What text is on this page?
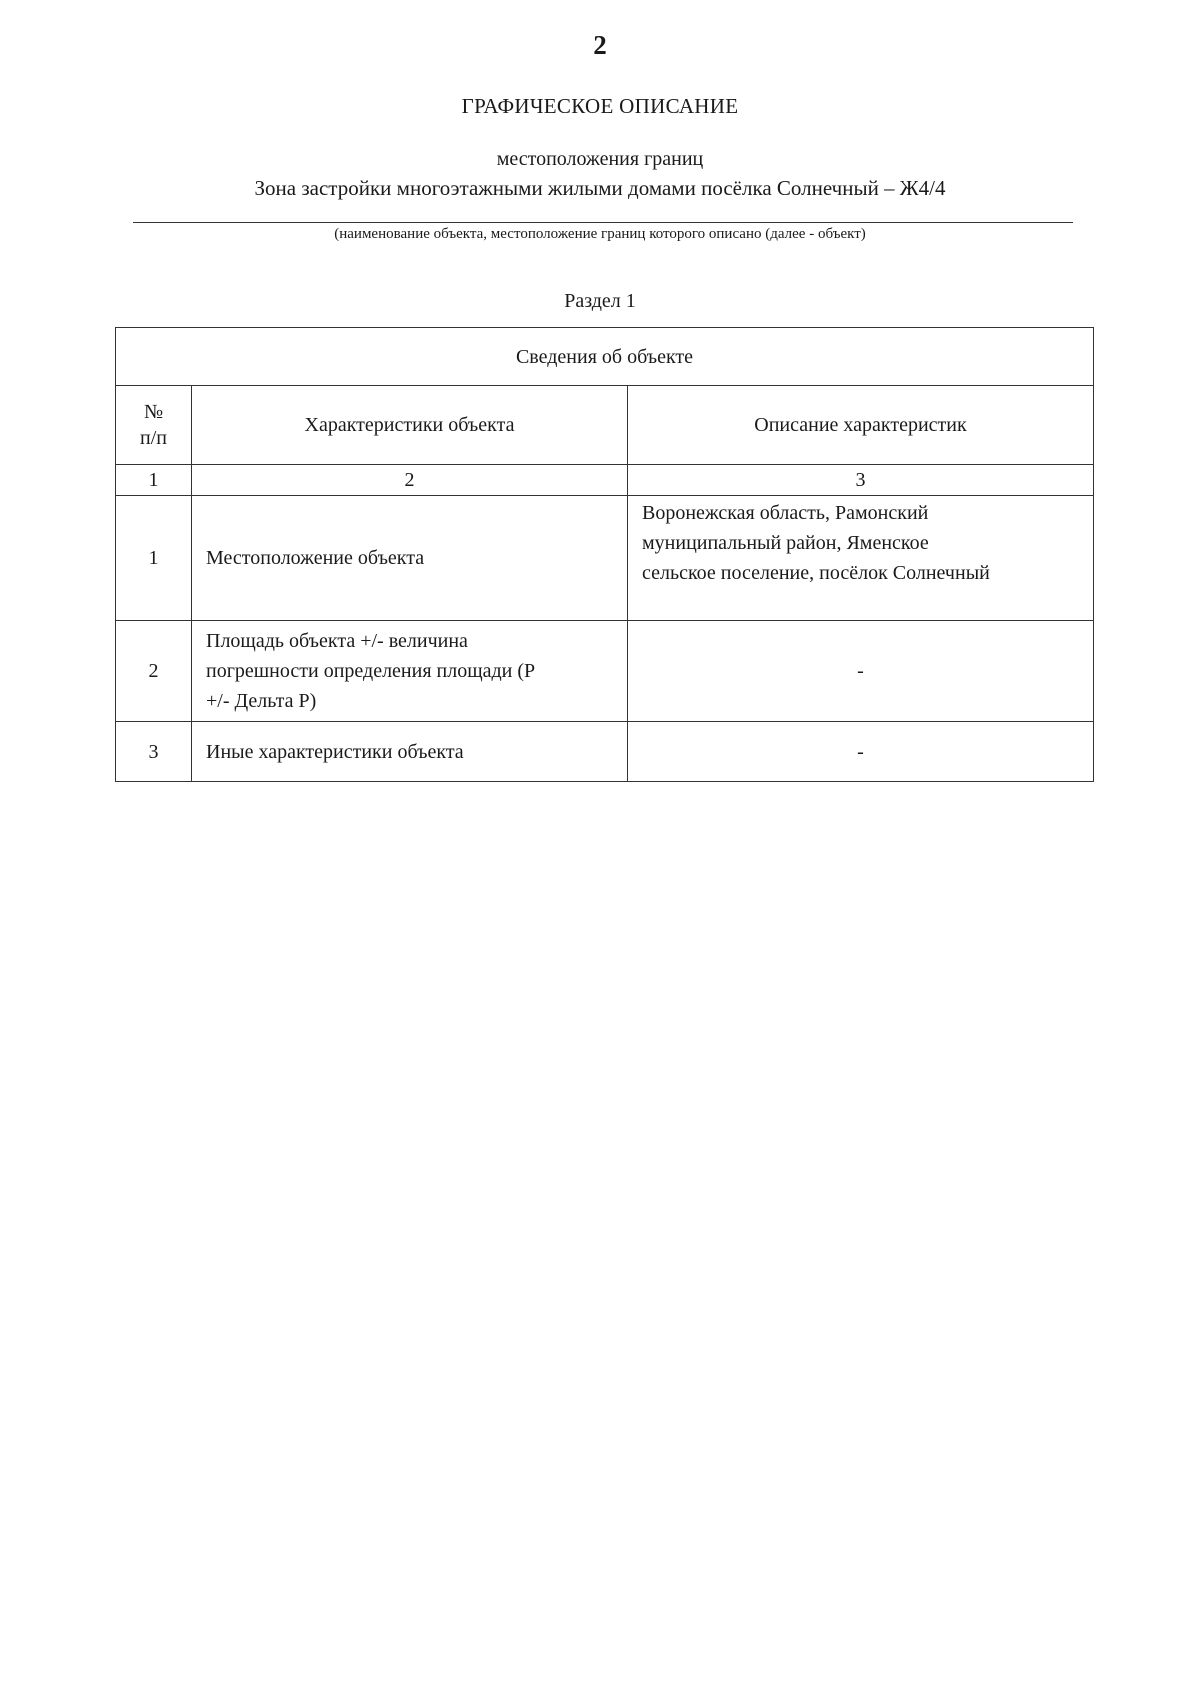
2
ГРАФИЧЕСКОЕ ОПИСАНИЕ
местоположения границ
Зона застройки многоэтажными жилыми домами посёлка Солнечный – Ж4/4
(наименование объекта, местоположение границ которого описано (далее - объект)
Раздел 1
Сведения об объекте		
№
п/п	Характеристики объекта	Описание характеристик
1	2	3
1	Местоположение объекта	Воронежская область, Рамонский
муниципальный район, Яменское
сельское поселение, посёлок Солнечный
2	Площадь объекта +/- величина
погрешности определения площади (Р
+/- Дельта Р)	-
3	Иные характеристики объекта	-
